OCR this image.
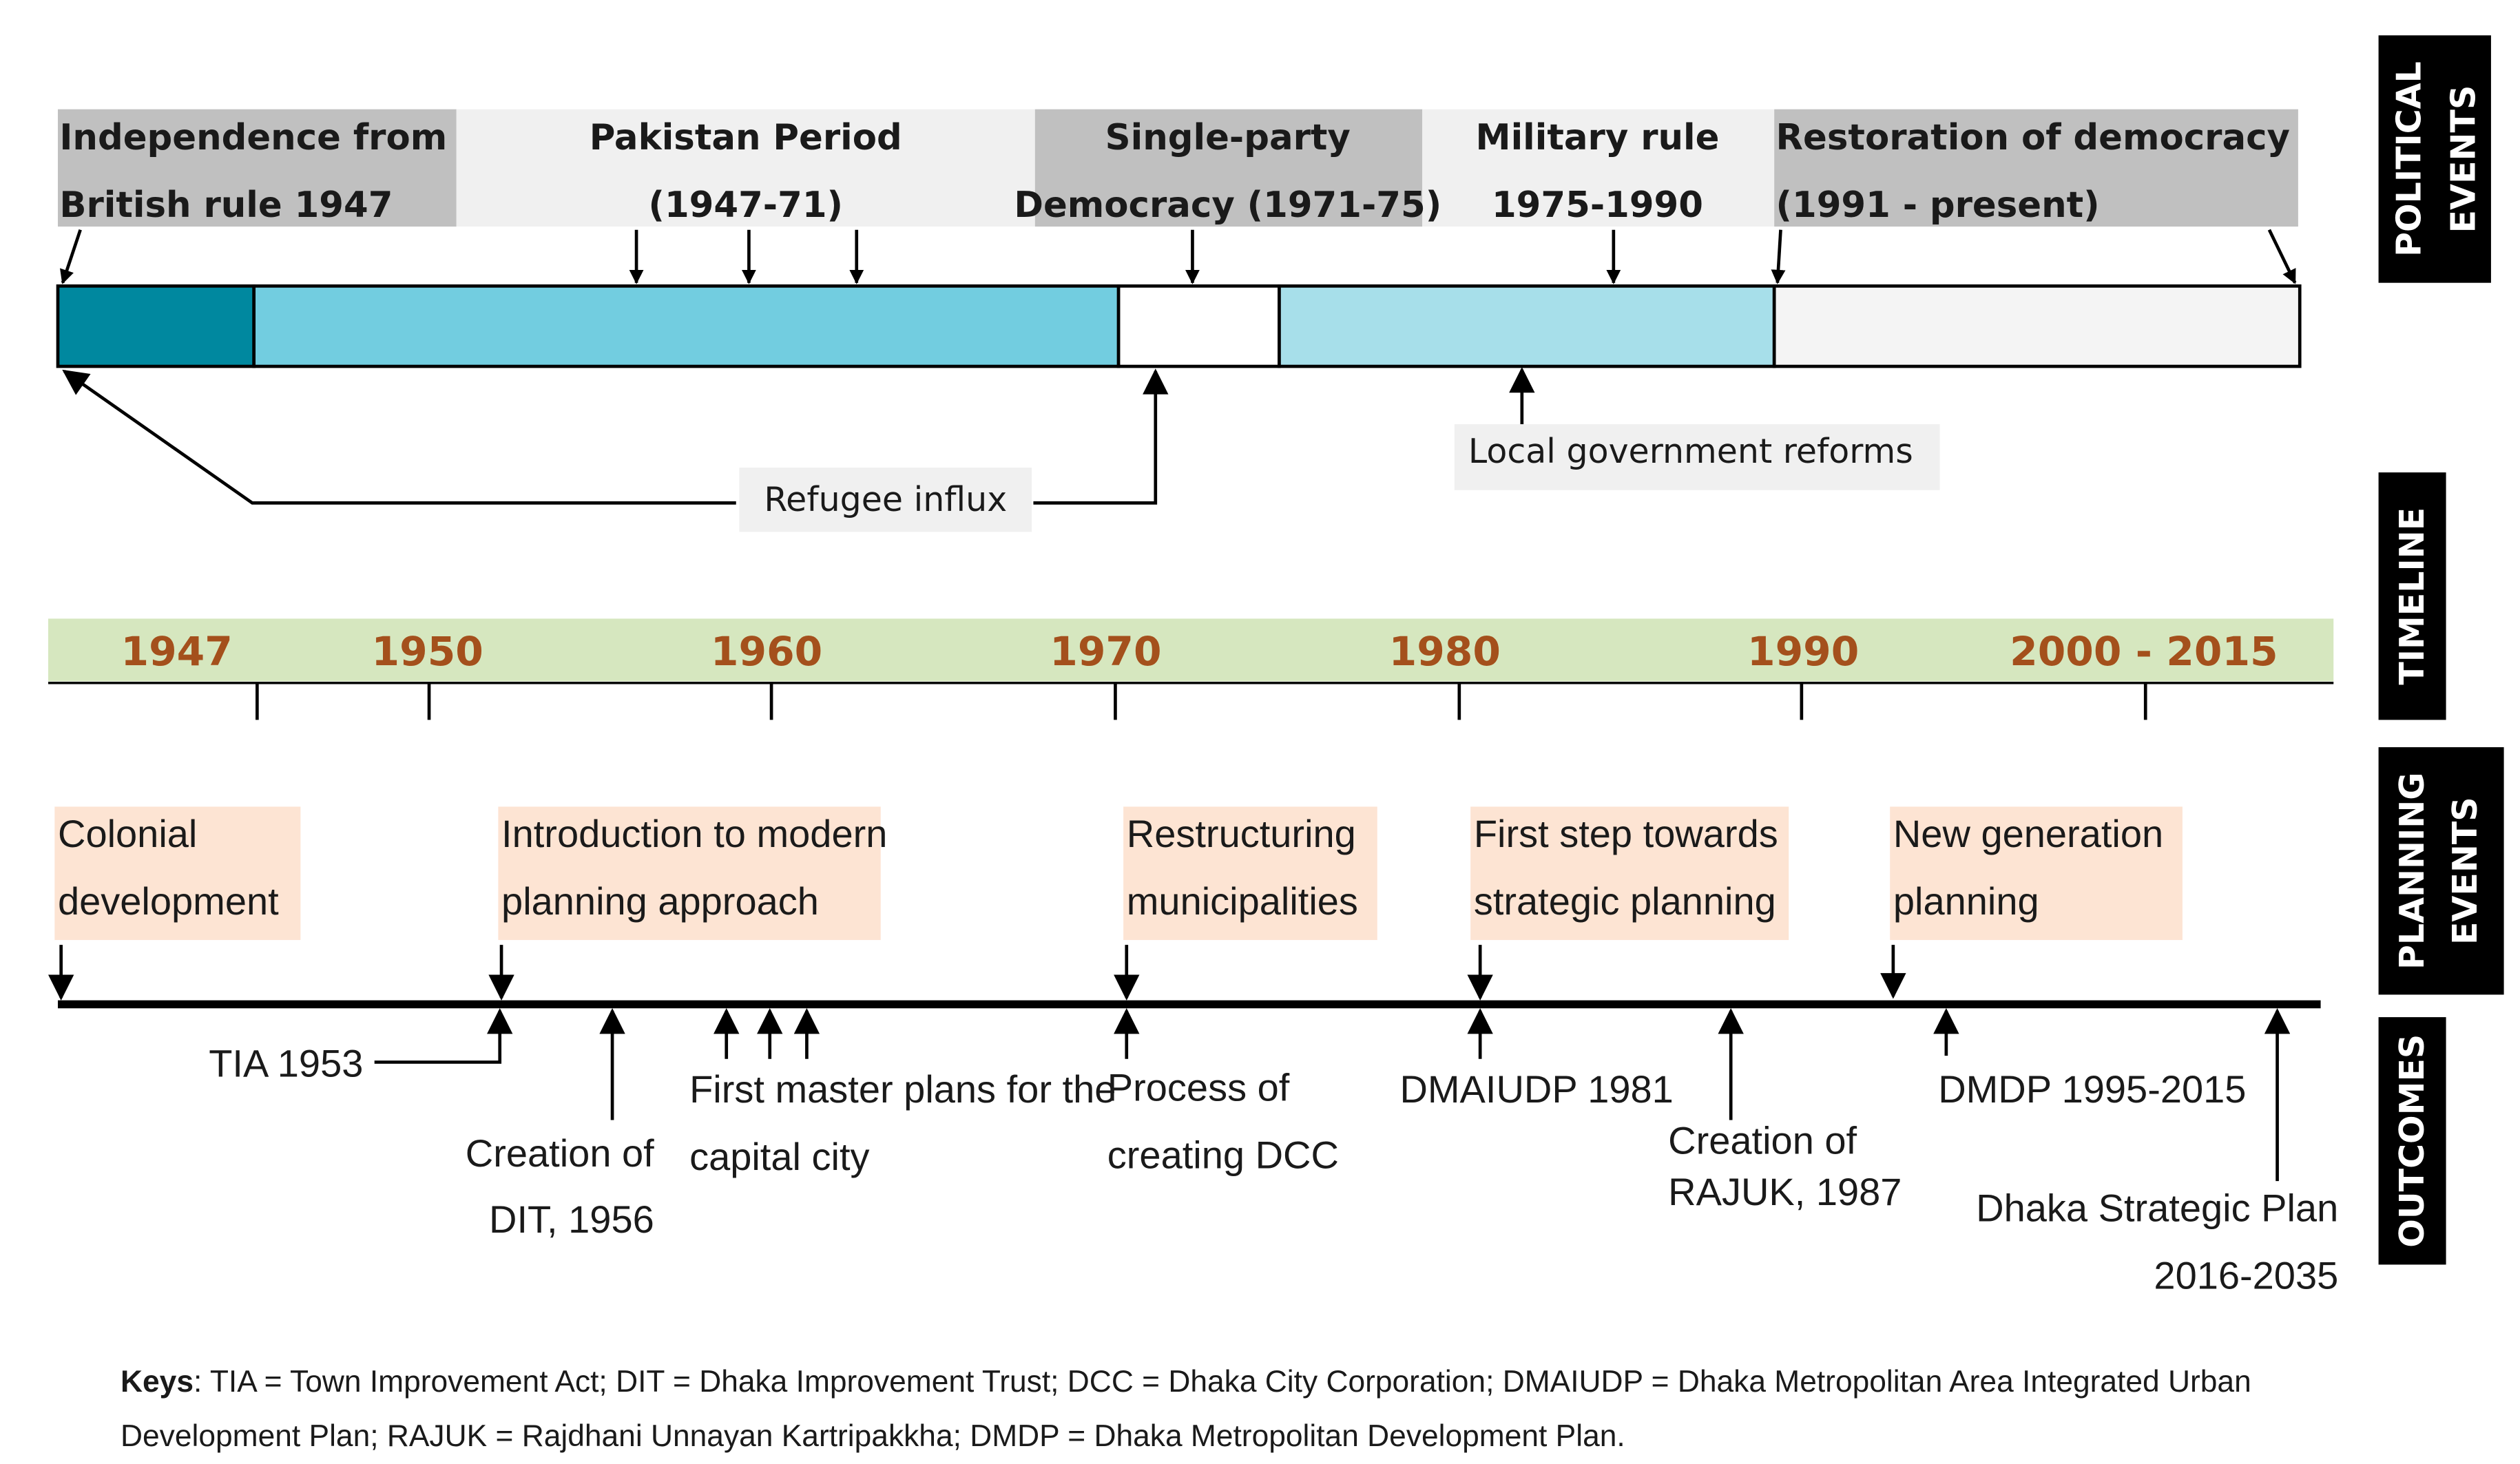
POLITICAL EVENTS
TIMELINE
PLANNING EVENTS
OUTCOMES
Independence from
British rule 1947
Pakistan Period
(1947-71)
Single-party
Democracy (1971-75)
Military rule
1975-1990
Restoration of democracy
(1991 - present)
Refugee influx
Local government reforms
1947	1950	1960	1970	1980	1990	2000 - 2015
Colonial
development
Introduction to modern
planning approach
Restructuring
municipalities
First step towards
strategic planning
New generation
planning
TIA 1953
Creation of
DIT, 1956
First master plans for the
capital city
Process of
creating DCC
DMAIUDP 1981
Creation of
RAJUK, 1987
DMDP 1995-2015
Dhaka Strategic Plan
2016-2035
Keys: TIA = Town Improvement Act; DIT = Dhaka Improvement Trust; DCC = Dhaka City Corporation; DMAIUDP = Dhaka Metropolitan Area Integrated Urban
Development Plan; RAJUK = Rajdhani Unnayan Kartripakkha; DMDP = Dhaka Metropolitan Development Plan.
